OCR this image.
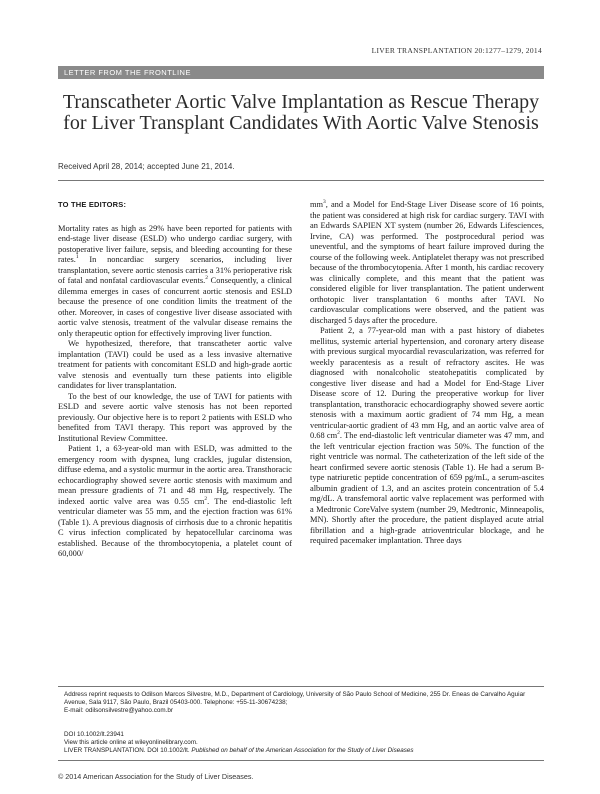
LIVER TRANSPLANTATION 20:1277–1279, 2014
LETTER FROM THE FRONTLINE
Transcatheter Aortic Valve Implantation as Rescue Therapy for Liver Transplant Candidates With Aortic Valve Stenosis
Received April 28, 2014; accepted June 21, 2014.
TO THE EDITORS:

Mortality rates as high as 29% have been reported for patients with end-stage liver disease (ESLD) who undergo cardiac surgery, with postoperative liver failure, sepsis, and bleeding accounting for these rates.$^1$ In noncardiac surgery scenarios, including liver transplantation, severe aortic stenosis carries a 31% perioperative risk of fatal and nonfatal cardiovascular events.$^2$ Consequently, a clinical dilemma emerges in cases of concurrent aortic stenosis and ESLD because the presence of one condition limits the treatment of the other. Moreover, in cases of congestive liver disease associated with aortic valve stenosis, treatment of the valvular disease remains the only therapeutic option for effectively improving liver function.

We hypothesized, therefore, that transcatheter aortic valve implantation (TAVI) could be used as a less invasive alternative treatment for patients with concomitant ESLD and high-grade aortic valve stenosis and eventually turn these patients into eligible candidates for liver transplantation.

To the best of our knowledge, the use of TAVI for patients with ESLD and severe aortic valve stenosis has not been reported previously. Our objective here is to report 2 patients with ESLD who benefited from TAVI therapy. This report was approved by the Institutional Review Committee.

Patient 1, a 63-year-old man with ESLD, was admitted to the emergency room with dyspnea, lung crackles, jugular distension, diffuse edema, and a systolic murmur in the aortic area. Transthoracic echocardiography showed severe aortic stenosis with maximum and mean pressure gradients of 71 and 48 mm Hg, respectively. The indexed aortic valve area was 0.55 $cm^2$. The end-diastolic left ventricular diameter was 55 mm, and the ejection fraction was 61% (Table 1). A previous diagnosis of cirrhosis due to a chronic hepatitis C virus infection complicated by hepatocellular carcinoma was established. Because of the thrombocytopenia, a platelet count of 60,000/

$mm^3$, and a Model for End-Stage Liver Disease score of 16 points, the patient was considered at high risk for cardiac surgery. TAVI with an Edwards SAPIEN XT system (number 26, Edwards Lifesciences, Irvine, CA) was performed. The postprocedural period was uneventful, and the symptoms of heart failure improved during the course of the following week. Antiplatelet therapy was not prescribed because of the thrombocytopenia. After 1 month, his cardiac recovery was clinically complete, and this meant that the patient was considered eligible for liver transplantation. The patient underwent orthotopic liver transplantation 6 months after TAVI. No cardiovascular complications were observed, and the patient was discharged 5 days after the procedure.

Patient 2, a 77-year-old man with a past history of diabetes mellitus, systemic arterial hypertension, and coronary artery disease with previous surgical myocardial revascularization, was referred for weekly paracentesis as a result of refractory ascites. He was diagnosed with nonalcoholic steatohepatitis complicated by congestive liver disease and had a Model for End-Stage Liver Disease score of 12. During the preoperative workup for liver transplantation, transthoracic echocardiography showed severe aortic stenosis with a maximum aortic gradient of 74 mm Hg, a mean ventricular-aortic gradient of 43 mm Hg, and an aortic valve area of 0.68 $cm^2$. The end-diastolic left ventricular diameter was 47 mm, and the left ventricular ejection fraction was 50%. The function of the right ventricle was normal. The catheterization of the left side of the heart confirmed severe aortic stenosis (Table 1). He had a serum B-type natriuretic peptide concentration of 659 pg/mL, a serum-ascites albumin gradient of 1.3, and an ascites protein concentration of 5.4 mg/dL. A transfemoral aortic valve replacement was performed with a Medtronic CoreValve system (number 29, Medtronic, Minneapolis, MN). Shortly after the procedure, the patient displayed acute atrial fibrillation and a high-grade atrioventricular blockage, and he required pacemaker implantation. Three days

Address reprint requests to Odilson Marcos Silvestre, M.D., Department of Cardiology, University of São Paulo School of Medicine, 255 Dr. Eneas de Carvalho Aguiar Avenue, Sala 9117, São Paulo, Brazil 05403-000. Telephone: +55-11-30674238;
E-mail: odilsonsilvestre@yahoo.com.br
DOI 10.1002/lt.23941
View this article online at wileyonlinelibrary.com.
LIVER TRANSPLANTATION. DOI 10.1002/lt. Published on behalf of the American Association for the Study of Liver Diseases
© 2014 American Association for the Study of Liver Diseases.
